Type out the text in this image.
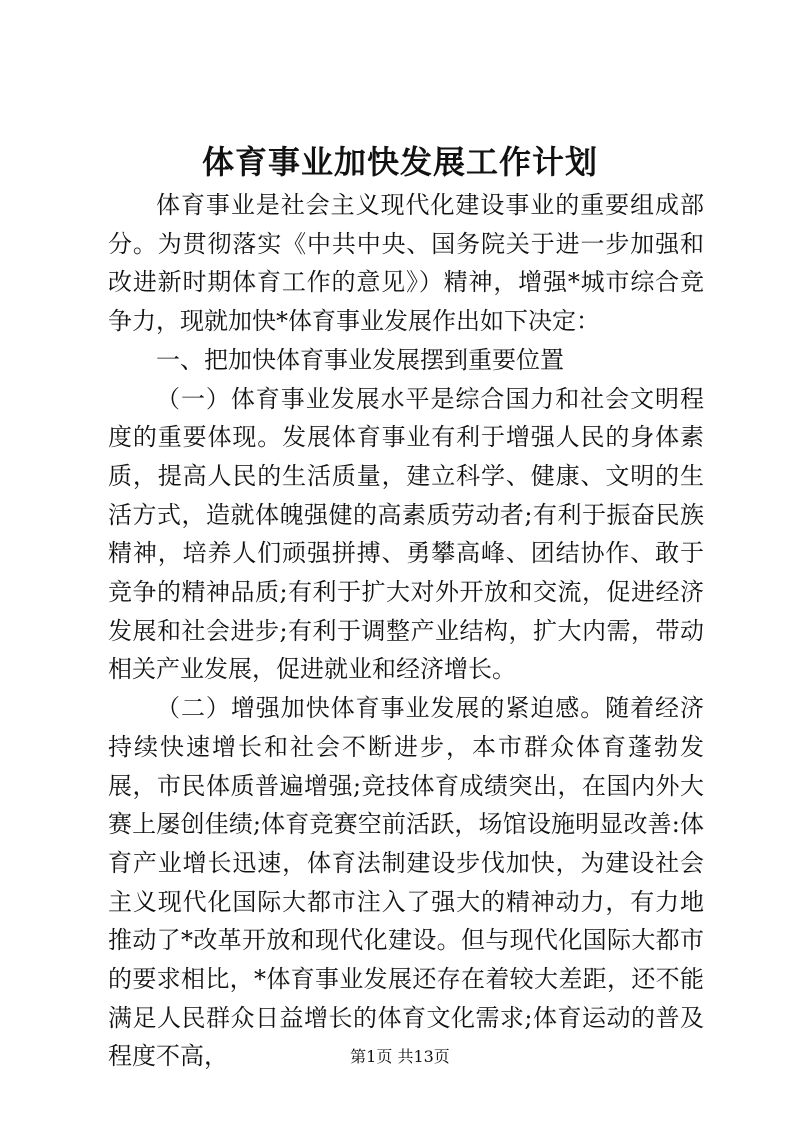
体育事业加快发展工作计划

体育事业是社会主义现代化建设事业的重要组成部分。为贯彻落实《中共中央、国务院关于进一步加强和改进新时期体育工作的意见》）精神，增强*城市综合竞争力，现就加快*体育事业发展作出如下决定：

一、把加快体育事业发展摆到重要位置

（一）体育事业发展水平是综合国力和社会文明程度的重要体现。发展体育事业有利于增强人民的身体素质，提高人民的生活质量，建立科学、健康、文明的生活方式，造就体魄强健的高素质劳动者;有利于振奋民族精神，培养人们顽强拼搏、勇攀高峰、团结协作、敢于竞争的精神品质;有利于扩大对外开放和交流，促进经济发展和社会进步;有利于调整产业结构，扩大内需，带动相关产业发展，促进就业和经济增长。

（二）增强加快体育事业发展的紧迫感。随着经济持续快速增长和社会不断进步，本市群众体育蓬勃发展，市民体质普遍增强;竞技体育成绩突出，在国内外大赛上屡创佳绩;体育竞赛空前活跃，场馆设施明显改善:体育产业增长迅速，体育法制建设步伐加快，为建设社会主义现代化国际大都市注入了强大的精神动力，有力地推动了*改革开放和现代化建设。但与现代化国际大都市的要求相比，*体育事业发展还存在着较大差距，还不能满足人民群众日益增长的体育文化需求;体育运动的普及程度不高，	第1页 共13页
